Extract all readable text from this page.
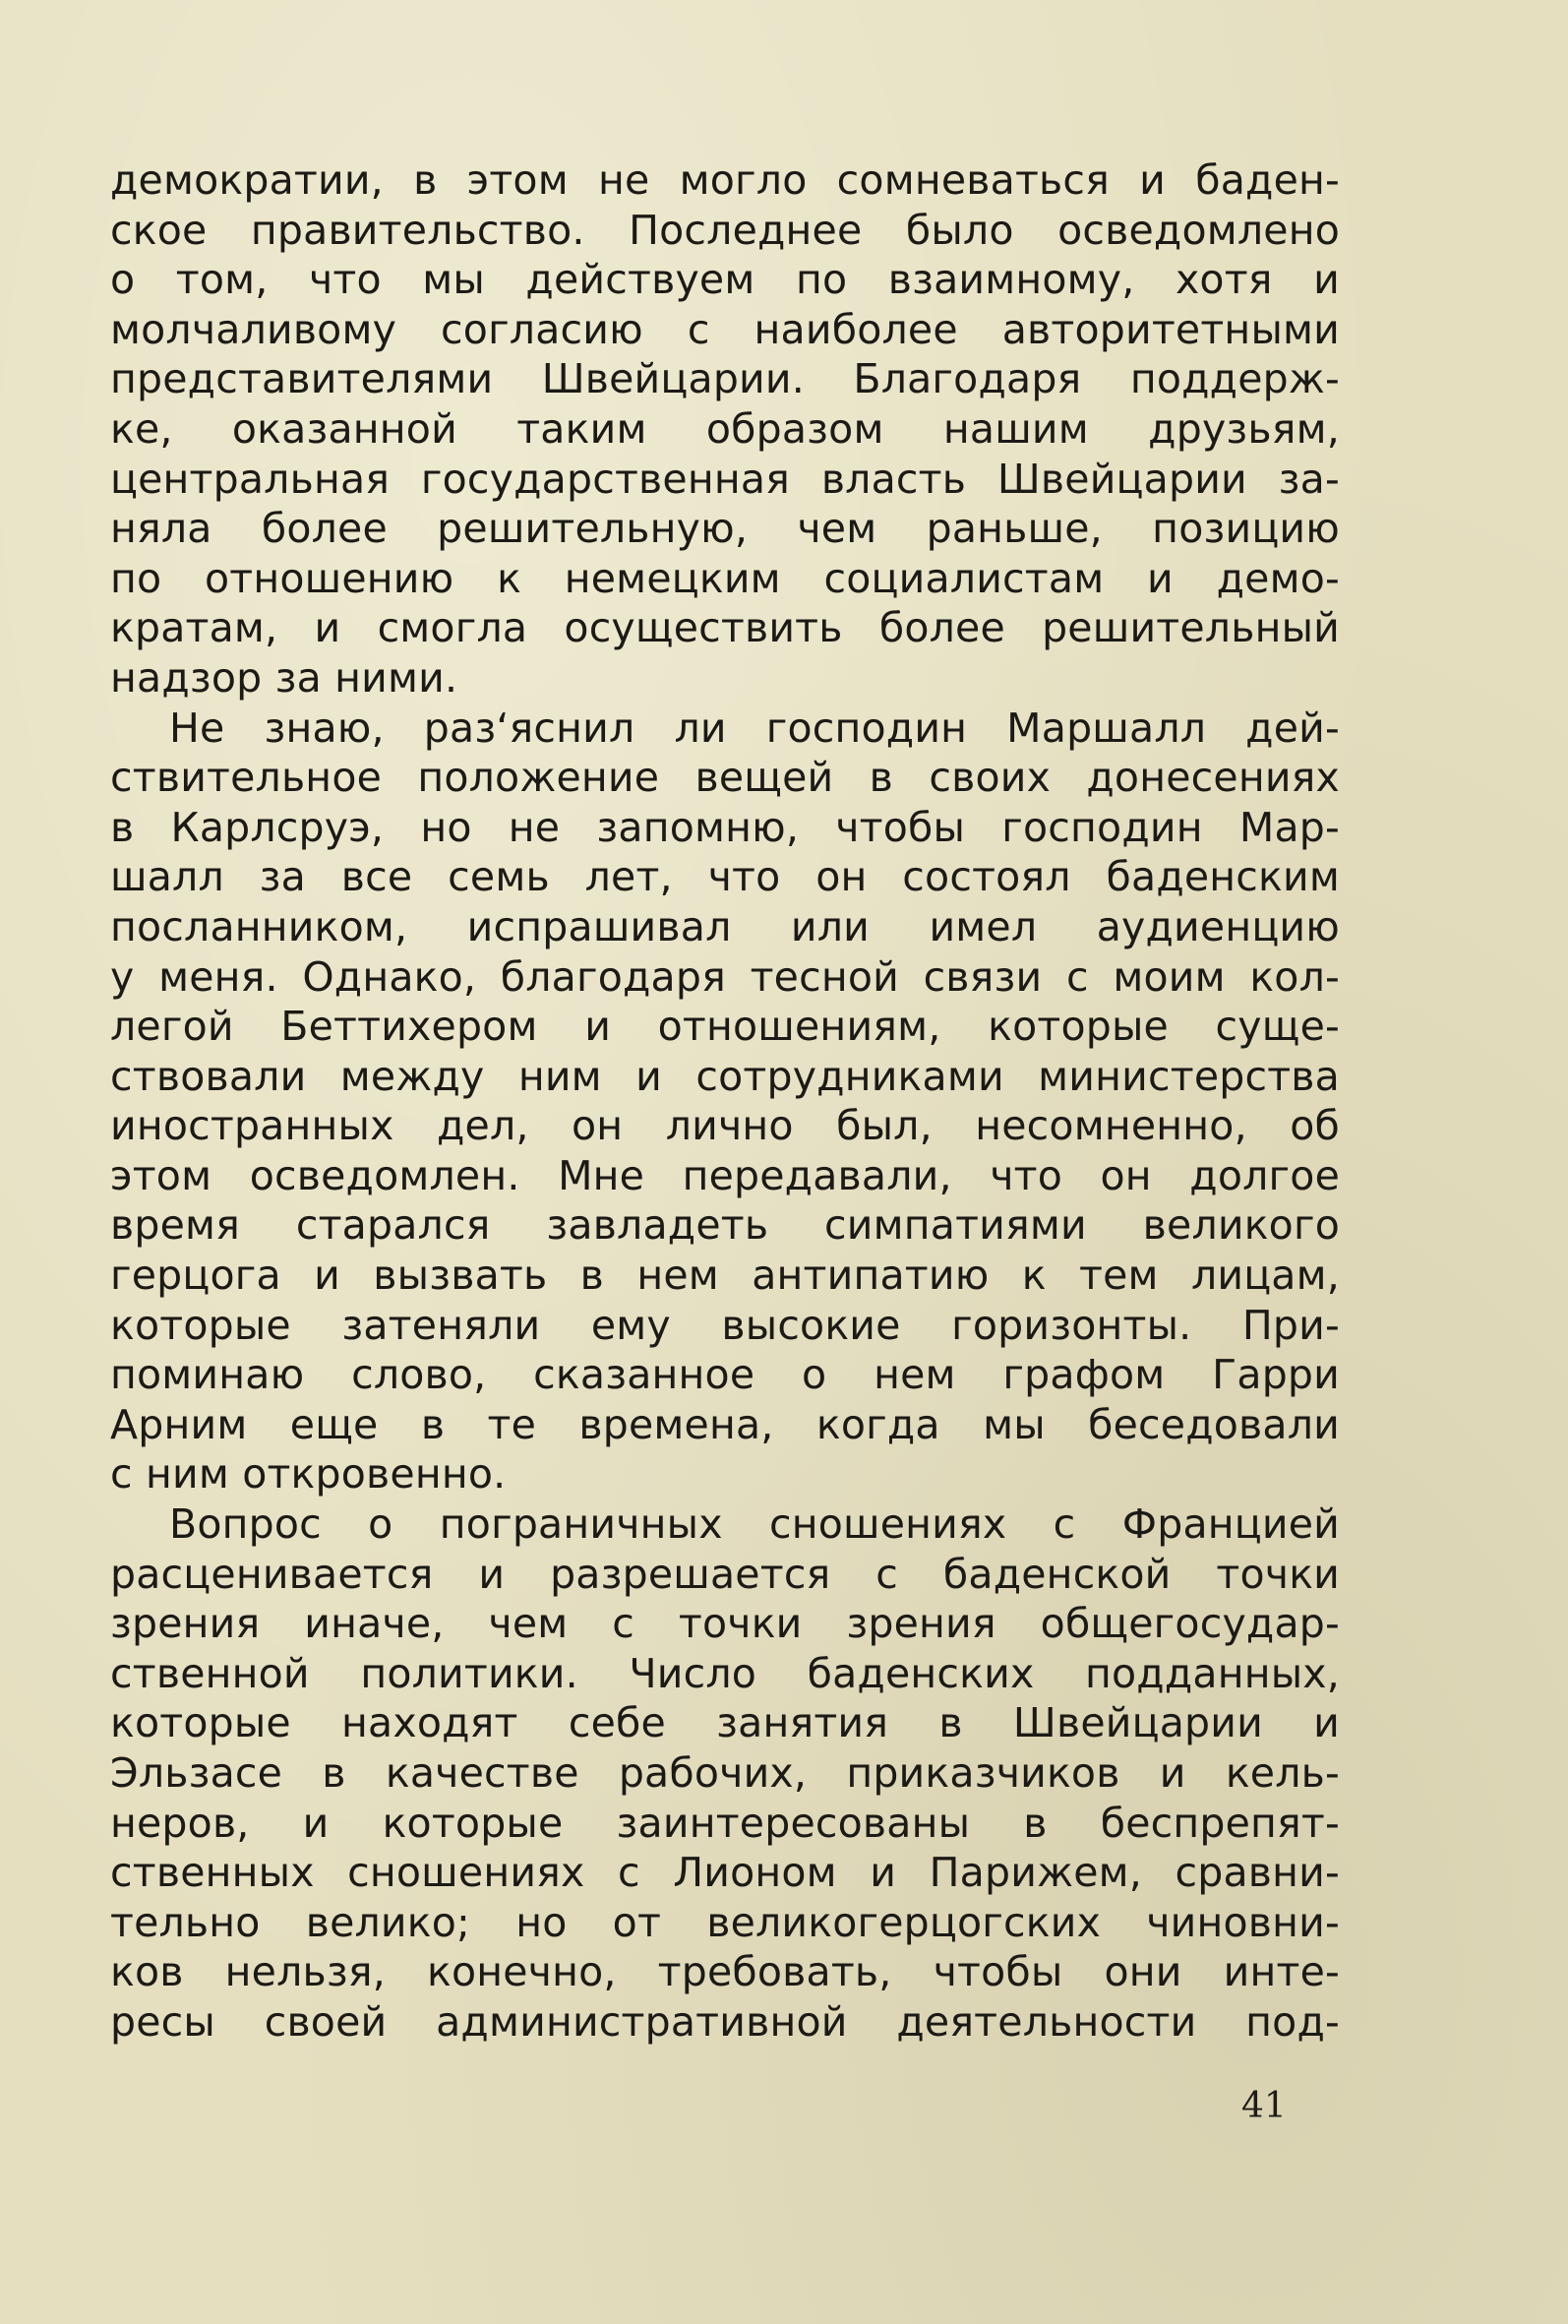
демократии, в этом не могло сомневаться и баден-
ское правительство. Последнее было осведомлено
о том, что мы действуем по взаимному, хотя и
молчаливому согласию с наиболее авторитетными
представителями Швейцарии. Благодаря поддерж-
ке, оказанной таким образом нашим друзьям,
центральная государственная власть Швейцарии за-
няла более решительную, чем раньше, позицию
по отношению к немецким социалистам и демо-
кратам, и смогла осуществить более решительный
надзор за ними.
Не знаю, раз‘яснил ли господин Маршалл дей-
ствительное положение вещей в своих донесениях
в Карлсруэ, но не запомню, чтобы господин Мар-
шалл за все семь лет, что он состоял баденским
посланником, испрашивал или имел аудиенцию
у меня. Однако, благодаря тесной связи с моим кол-
легой Беттихером и отношениям, которые суще-
ствовали между ним и сотрудниками министерства
иностранных дел, он лично был, несомненно, об
этом осведомлен. Мне передавали, что он долгое
время старался завладеть симпатиями великого
герцога и вызвать в нем антипатию к тем лицам,
которые затеняли ему высокие горизонты. При-
поминаю слово, сказанное о нем графом Гарри
Арним еще в те времена, когда мы беседовали
с ним откровенно.
Вопрос о пограничных сношениях с Францией
расценивается и разрешается с баденской точки
зрения иначе, чем с точки зрения общегосудар-
ственной политики. Число баденских подданных,
которые находят себе занятия в Швейцарии и
Эльзасе в качестве рабочих, приказчиков и кель-
неров, и которые заинтересованы в беспрепят-
ственных сношениях с Лионом и Парижем, сравни-
тельно велико; но от великогерцогских чиновни-
ков нельзя, конечно, требовать, чтобы они инте-
ресы своей административной деятельности под-
41
